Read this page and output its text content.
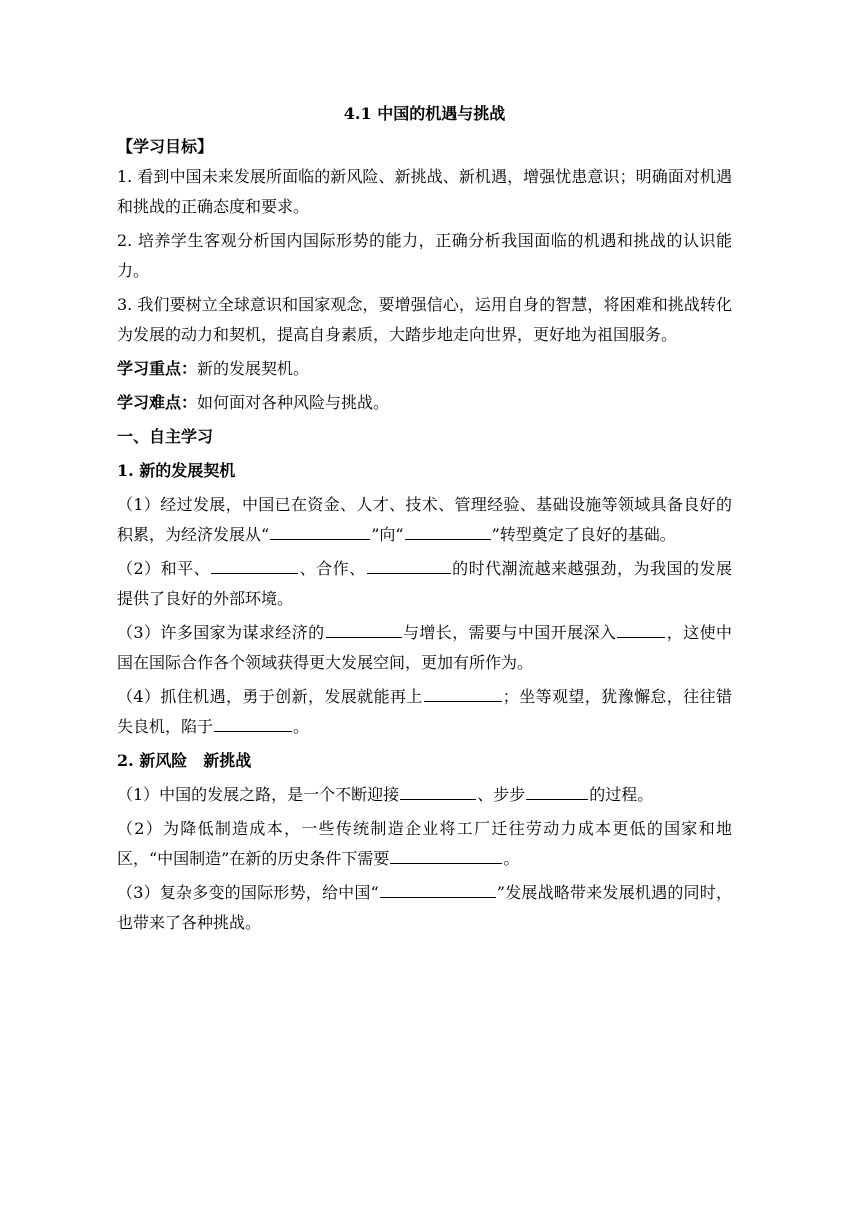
4.1 中国的机遇与挑战

【学习目标】

1. 看到中国未来发展所面临的新风险、新挑战、新机遇，增强忧患意识；明确面对机遇和挑战的正确态度和要求。

2. 培养学生客观分析国内国际形势的能力，正确分析我国面临的机遇和挑战的认识能力。

3. 我们要树立全球意识和国家观念，要增强信心，运用自身的智慧，将困难和挑战转化为发展的动力和契机，提高自身素质，大踏步地走向世界，更好地为祖国服务。

学习重点：新的发展契机。

学习难点：如何面对各种风险与挑战。

一、自主学习

1. 新的发展契机

（1）经过发展，中国已在资金、人才、技术、管理经验、基础设施等领域具备良好的积累，为经济发展从“	”向“	”转型奠定了良好的基础。

（2）和平、	、合作、	的时代潮流越来越强劲，为我国的发展提供了良好的外部环境。

（3）许多国家为谋求经济的	与增长，需要与中国开展深入	，这使中国在国际合作各个领域获得更大发展空间，更加有所作为。

（4）抓住机遇，勇于创新，发展就能再上	；坐等观望，犹豫懈怠，往往错失良机，陷于	。

2. 新风险　新挑战

（1）中国的发展之路，是一个不断迎接	、步步	的过程。

（2）为降低制造成本，一些传统制造企业将工厂迁往劳动力成本更低的国家和地区，“中国制造”在新的历史条件下需要	。

（3）复杂多变的国际形势，给中国“	”发展战略带来发展机遇的同时，也带来了各种挑战。
